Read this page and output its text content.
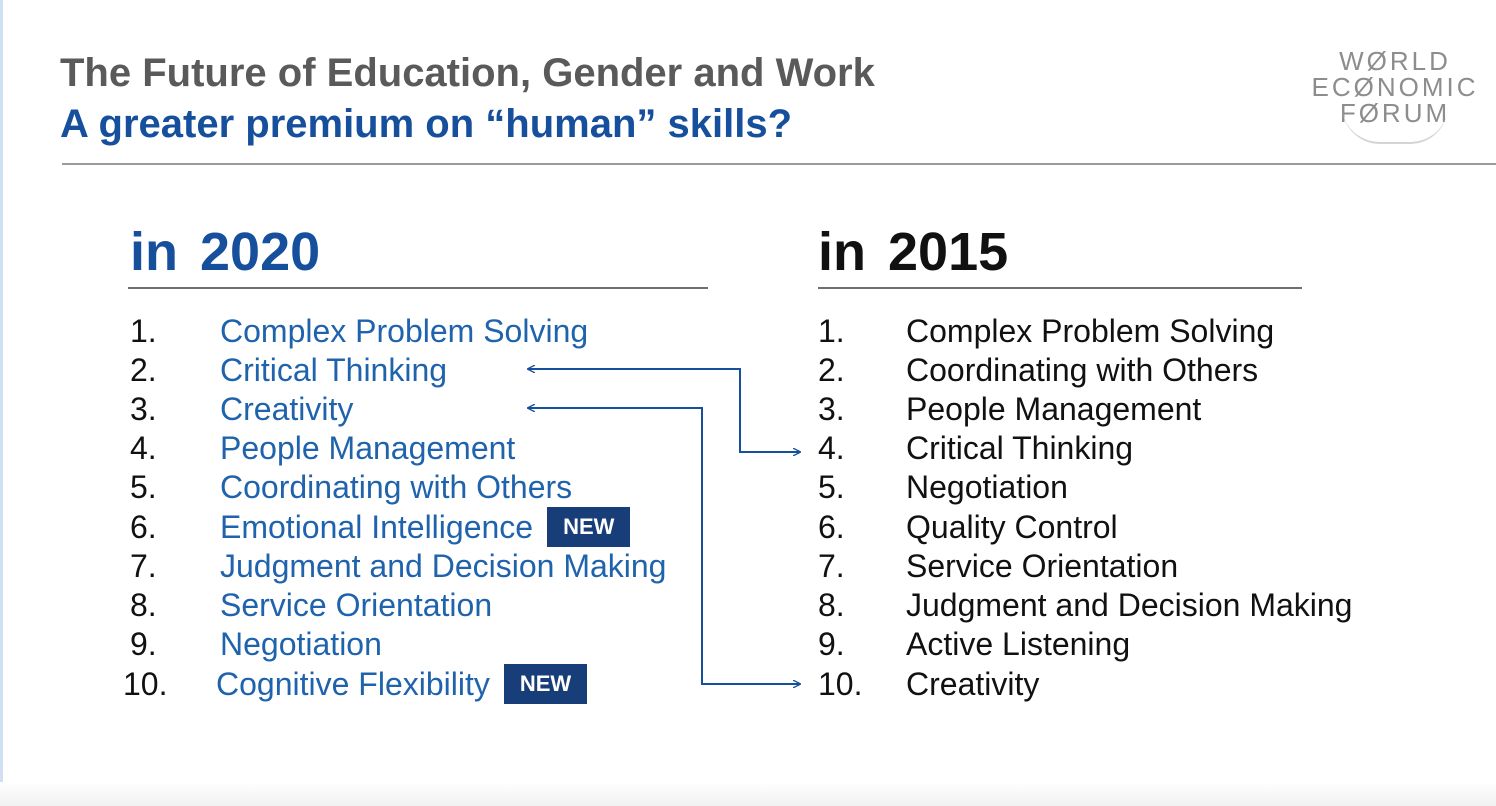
The Future of Education, Gender and Work
A greater premium on “human” skills?
WØRLD
ECØNOMIC
FØRUM
in 2020	in 2015
1. Complex Problem Solving
2. Critical Thinking
3. Creativity
4. People Management
5. Coordinating with Others
6. Emotional Intelligence NEW
7. Judgment and Decision Making
8. Service Orientation
9. Negotiation
10. Cognitive Flexibility NEW
1. Complex Problem Solving
2. Coordinating with Others
3. People Management
4. Critical Thinking
5. Negotiation
6. Quality Control
7. Service Orientation
8. Judgment and Decision Making
9. Active Listening
10. Creativity
